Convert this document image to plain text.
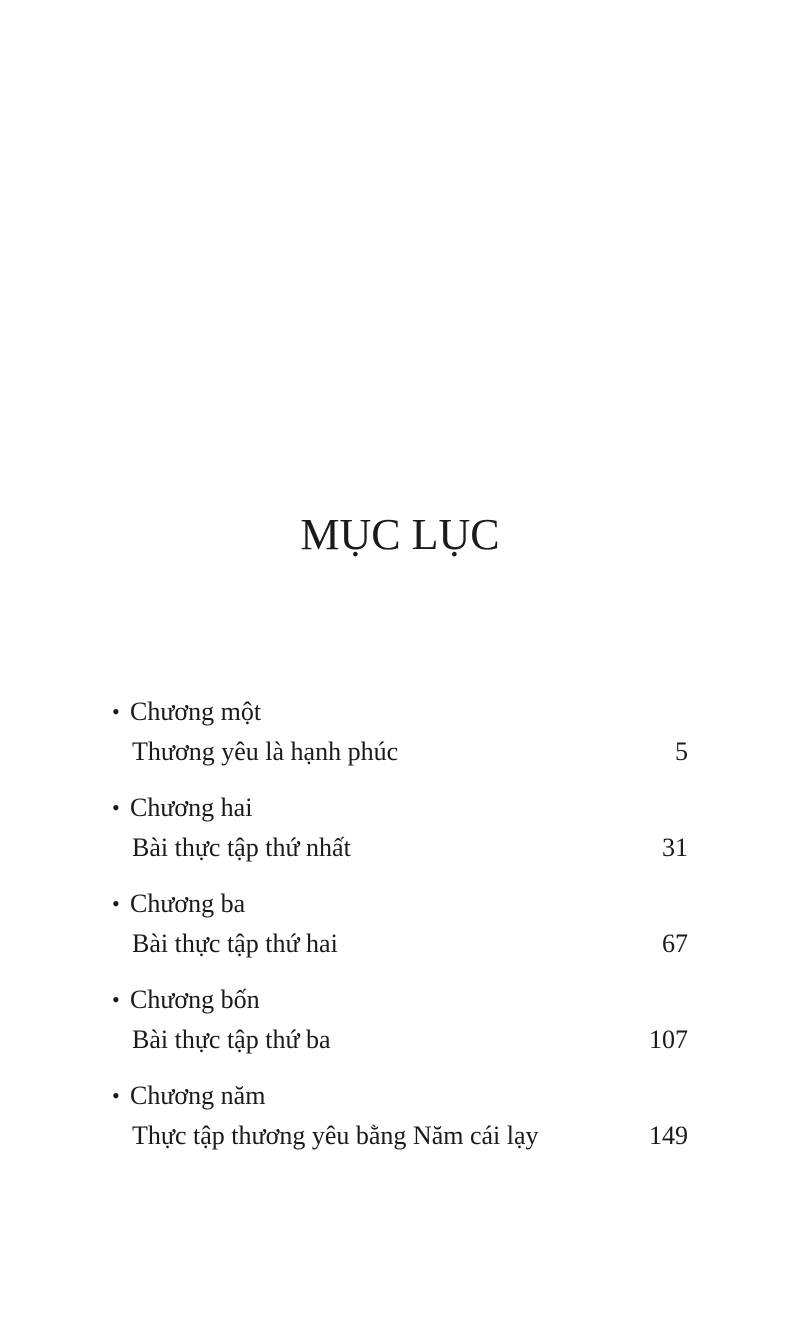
MỤC LỤC
• Chương một
Thương yêu là hạnh phúc	5
• Chương hai
Bài thực tập thứ nhất	31
• Chương ba
Bài thực tập thứ hai	67
• Chương bốn
Bài thực tập thứ ba	107
• Chương năm
Thực tập thương yêu bằng Năm cái lạy	149
